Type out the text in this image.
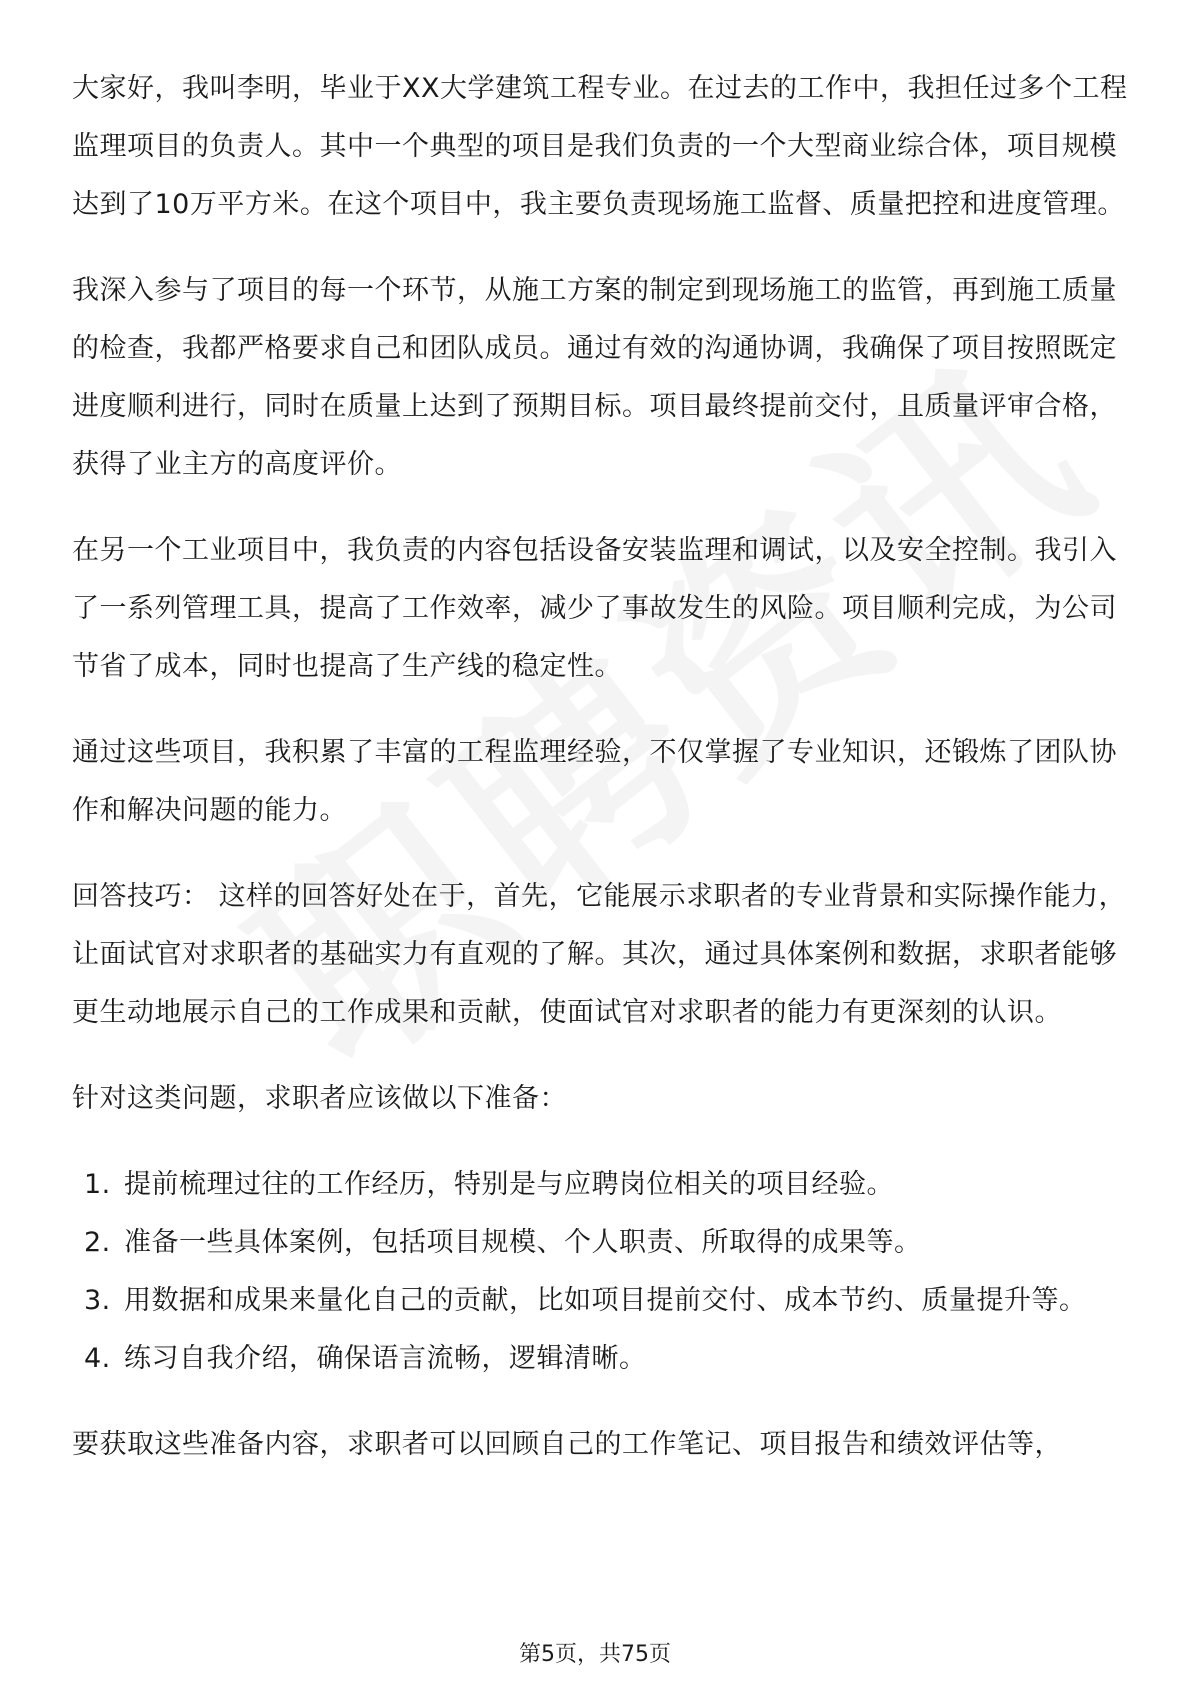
大家好，我叫李明，毕业于XX大学建筑工程专业。在过去的工作中，我担任过多个工程监理项目的负责人。其中一个典型的项目是我们负责的一个大型商业综合体，项目规模达到了10万平方米。在这个项目中，我主要负责现场施工监督、质量把控和进度管理。

我深入参与了项目的每一个环节，从施工方案的制定到现场施工的监管，再到施工质量的检查，我都严格要求自己和团队成员。通过有效的沟通协调，我确保了项目按照既定进度顺利进行，同时在质量上达到了预期目标。项目最终提前交付，且质量评审合格，获得了业主方的高度评价。

在另一个工业项目中，我负责的内容包括设备安装监理和调试，以及安全控制。我引入了一系列管理工具，提高了工作效率，减少了事故发生的风险。项目顺利完成，为公司节省了成本，同时也提高了生产线的稳定性。

通过这些项目，我积累了丰富的工程监理经验，不仅掌握了专业知识，还锻炼了团队协作和解决问题的能力。

回答技巧： 这样的回答好处在于，首先，它能展示求职者的专业背景和实际操作能力，让面试官对求职者的基础实力有直观的了解。其次，通过具体案例和数据，求职者能够更生动地展示自己的工作成果和贡献，使面试官对求职者的能力有更深刻的认识。

针对这类问题，求职者应该做以下准备：

1. 提前梳理过往的工作经历，特别是与应聘岗位相关的项目经验。
2. 准备一些具体案例，包括项目规模、个人职责、所取得的成果等。
3. 用数据和成果来量化自己的贡献，比如项目提前交付、成本节约、质量提升等。
4. 练习自我介绍，确保语言流畅，逻辑清晰。

要获取这些准备内容，求职者可以回顾自己的工作笔记、项目报告和绩效评估等，

第5页，共75页
